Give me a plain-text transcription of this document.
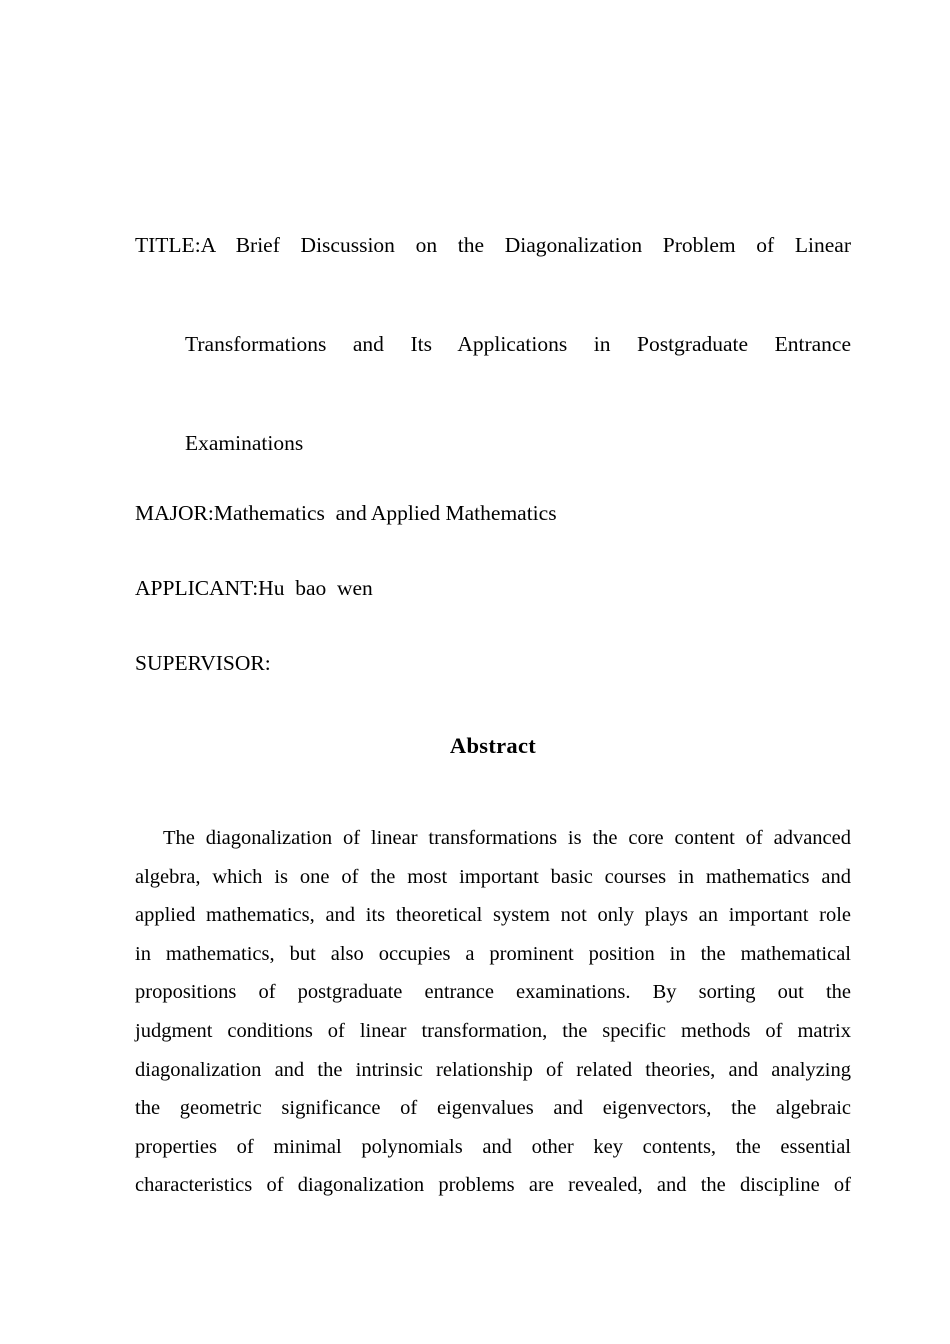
TITLE:A Brief Discussion on the Diagonalization Problem of Linear
Transformations and Its Applications in Postgraduate Entrance
Examinations
MAJOR:Mathematics  and Applied Mathematics
APPLICANT:Hu  bao  wen
SUPERVISOR:
Abstract
The diagonalization of linear transformations is the core content of advanced
algebra, which is one of the most important basic courses in mathematics and
applied mathematics, and its theoretical system not only plays an important role
in mathematics, but also occupies a prominent position in the mathematical
propositions of postgraduate entrance examinations. By sorting out the
judgment conditions of linear transformation, the specific methods of matrix
diagonalization and the intrinsic relationship of related theories, and analyzing
the geometric significance of eigenvalues and eigenvectors, the algebraic
properties of minimal polynomials and other key contents, the essential
characteristics of diagonalization problems are revealed, and the discipline of
